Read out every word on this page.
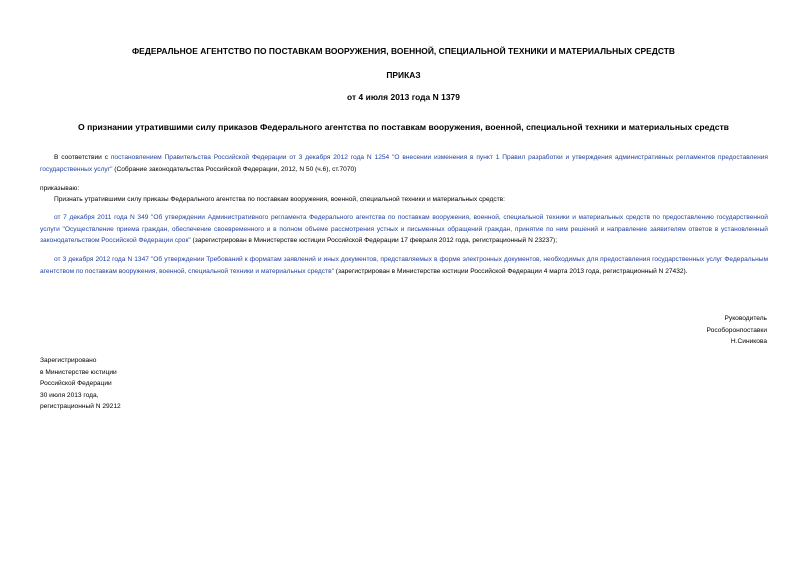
ФЕДЕРАЛЬНОЕ АГЕНТСТВО ПО ПОСТАВКАМ ВООРУЖЕНИЯ, ВОЕННОЙ, СПЕЦИАЛЬНОЙ ТЕХНИКИ И МАТЕРИАЛЬНЫХ СРЕДСТВ
ПРИКАЗ
от 4 июля 2013 года N 1379
О признании утратившими силу приказов Федерального агентства по поставкам вооружения, военной, специальной техники и материальных средств
В соответствии с постановлением Правительства Российской Федерации от 3 декабря 2012 года N 1254 "О внесении изменения в пункт 1 Правил разработки и утверждения административных регламентов предоставления государственных услуг" (Собрание законодательства Российской Федерации, 2012, N 50 (ч.6), ст.7070)
приказываю:
Признать утратившими силу приказы Федерального агентства по поставкам вооружения, военной, специальной техники и материальных средств:
от 7 декабря 2011 года N 349 "Об утверждении Административного регламента Федерального агентства по поставкам вооружения, военной, специальной техники и материальных средств по предоставлению государственной услуги "Осуществление приема граждан, обеспечение своевременного и в полном объеме рассмотрения устных и письменных обращений граждан, принятие по ним решений и направление заявителям ответов в установленный законодательством Российской Федерации срок" (зарегистрирован в Министерстве юстиции Российской Федерации 17 февраля 2012 года, регистрационный N 23237);
от 3 декабря 2012 года N 1347 "Об утверждении Требований к форматам заявлений и иных документов, представляемых в форме электронных документов, необходимых для предоставления государственных услуг Федеральным агентством по поставкам вооружения, военной, специальной техники и материальных средств" (зарегистрирован в Министерстве юстиции Российской Федерации 4 марта 2013 года, регистрационный N 27432).
Руководитель
Рособоронпоставки
Н.Синикова
Зарегистрировано
в Министерстве юстиции
Российской Федерации
30 июля 2013 года,
регистрационный N 29212
